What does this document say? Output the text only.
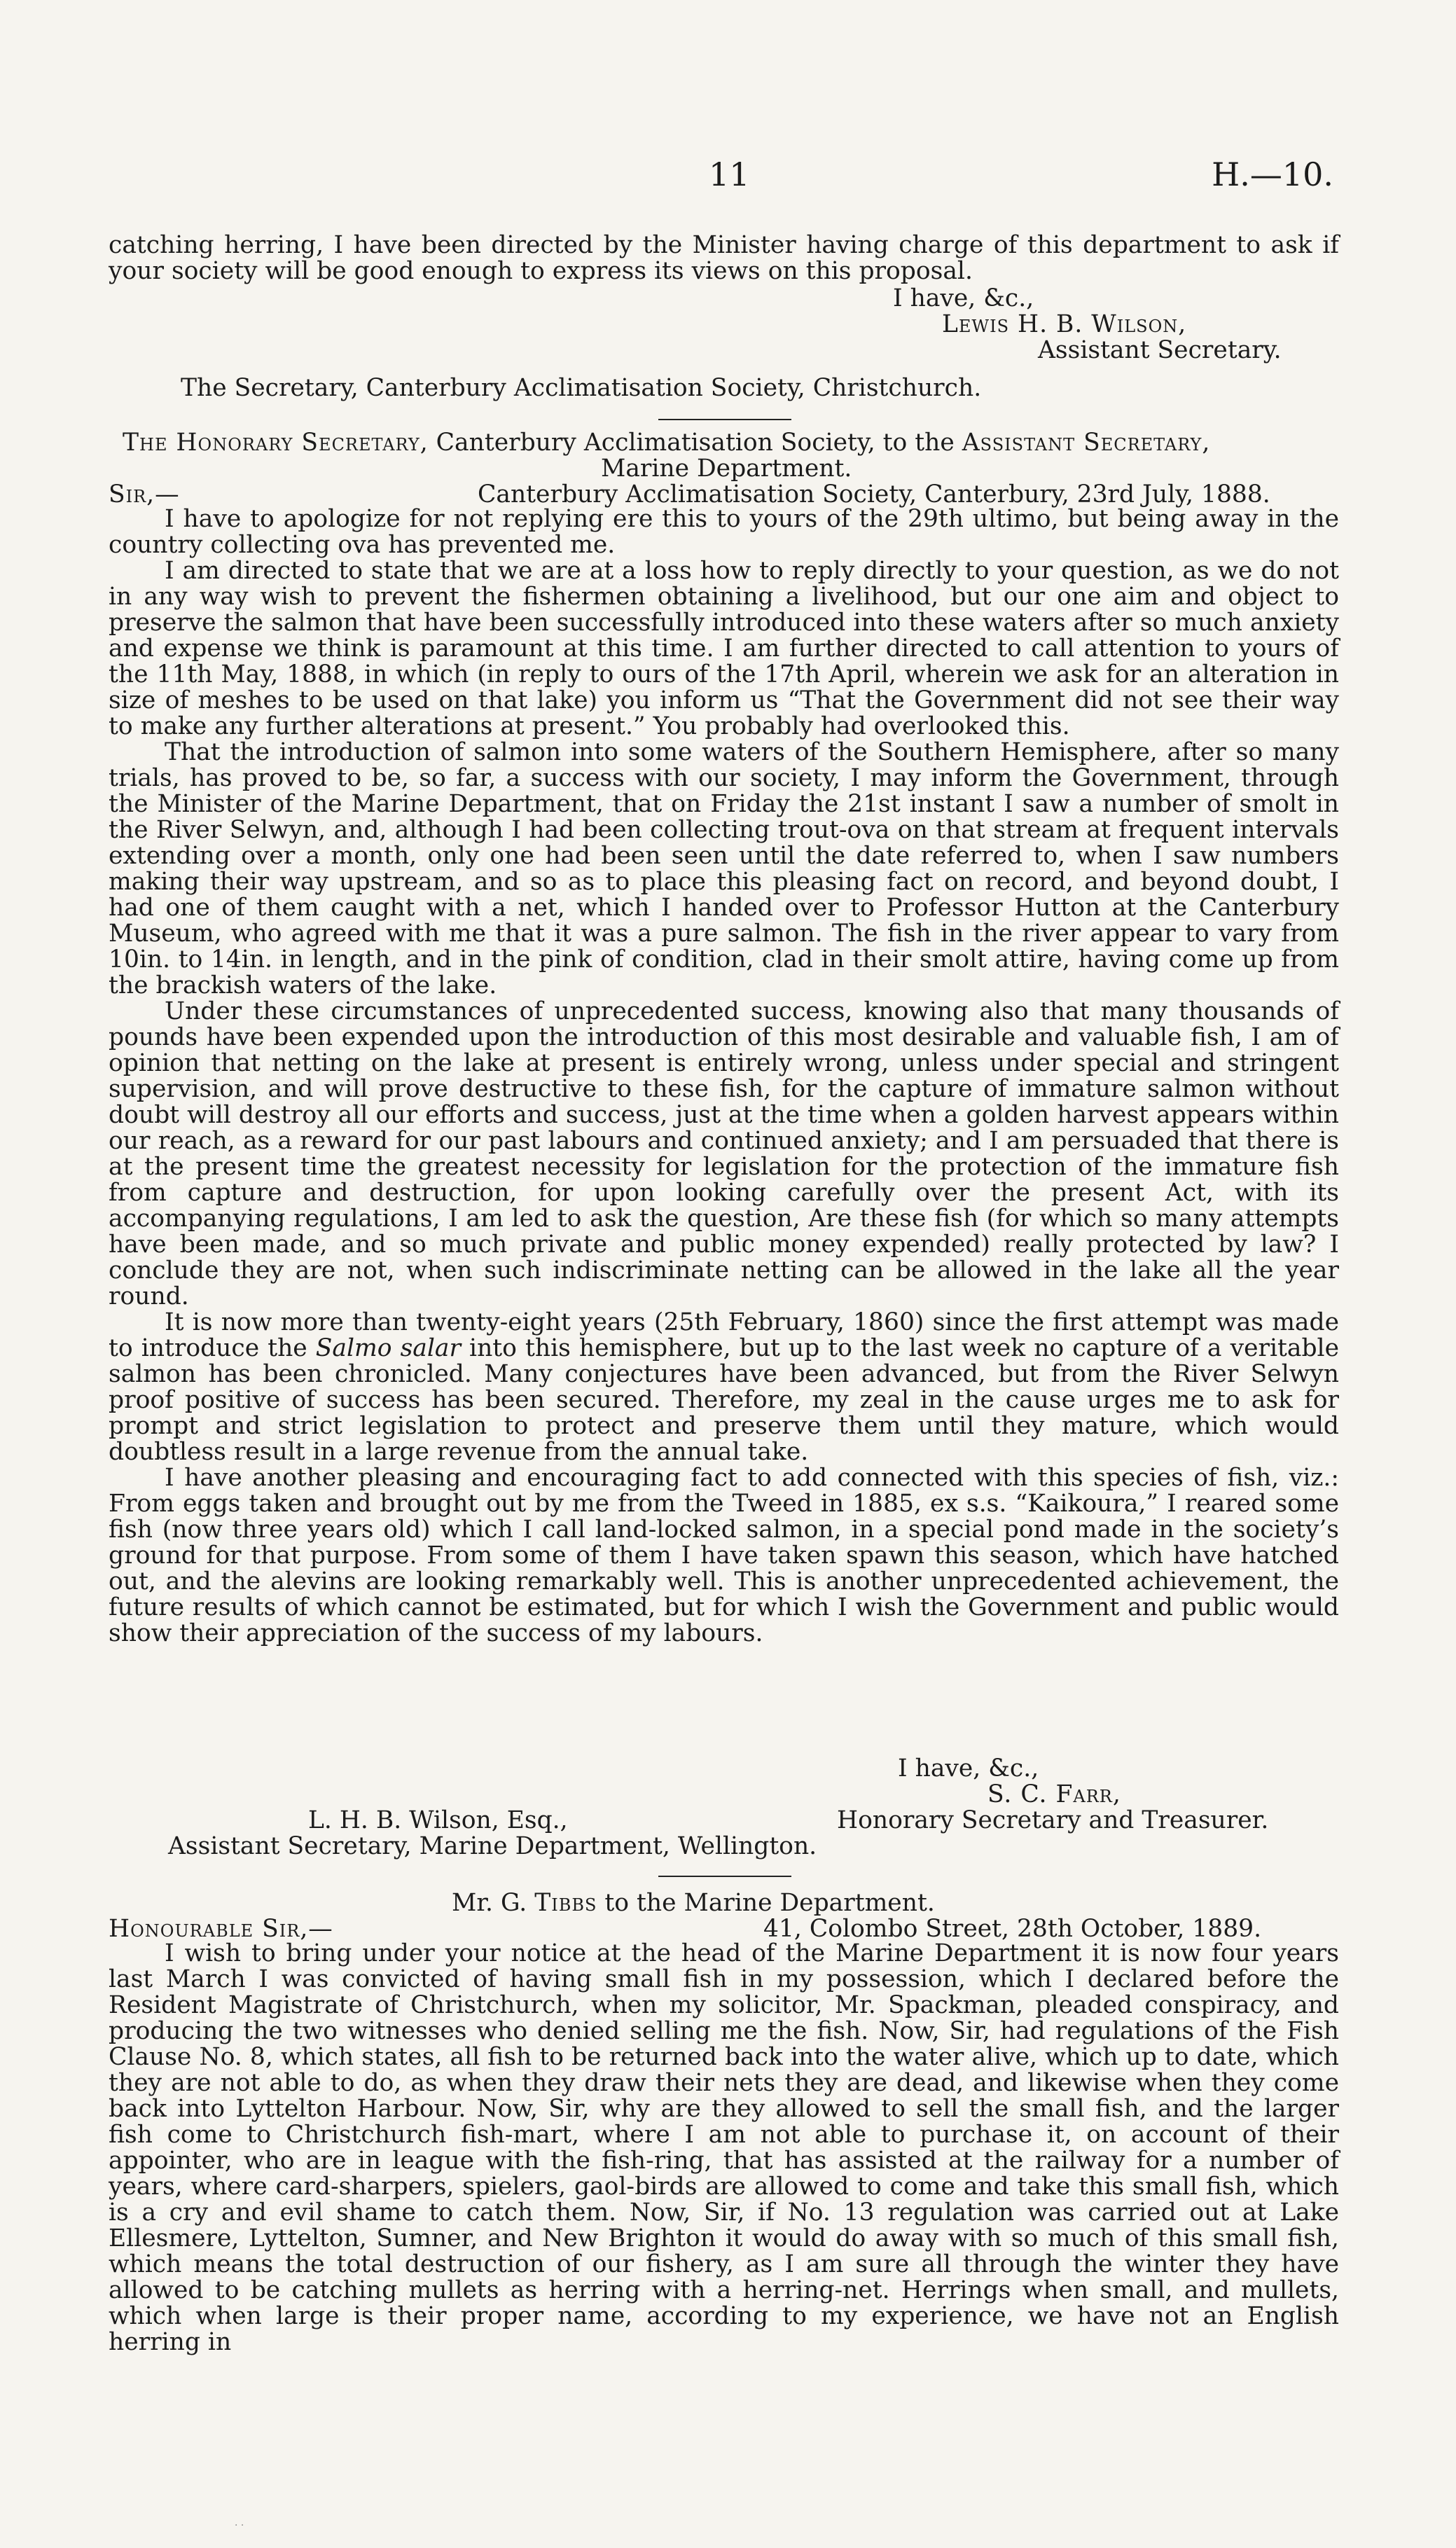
11	H.—10.

catching herring, I have been directed by the Minister having charge of this department to ask if your society will be good enough to express its views on this proposal.

I have, &c.,
Lewis H. B. Wilson,
Assistant Secretary.
The Secretary, Canterbury Acclimatisation Society, Christchurch.
The Honorary Secretary, Canterbury Acclimatisation Society, to the Assistant Secretary,
Marine Department.
Sir,—	Canterbury Acclimatisation Society, Canterbury, 23rd July, 1888.

I have to apologize for not replying ere this to yours of the 29th ultimo, but being away in the country collecting ova has prevented me.

I am directed to state that we are at a loss how to reply directly to your question, as we do not in any way wish to prevent the fishermen obtaining a livelihood, but our one aim and object to preserve the salmon that have been successfully introduced into these waters after so much anxiety and expense we think is paramount at this time. I am further directed to call attention to yours of the 11th May, 1888, in which (in reply to ours of the 17th April, wherein we ask for an alteration in size of meshes to be used on that lake) you inform us “That the Government did not see their way to make any further alterations at present.” You probably had overlooked this.

That the introduction of salmon into some waters of the Southern Hemisphere, after so many trials, has proved to be, so far, a success with our society, I may inform the Government, through the Minister of the Marine Department, that on Friday the 21st instant I saw a number of smolt in the River Selwyn, and, although I had been collecting trout-ova on that stream at frequent intervals extending over a month, only one had been seen until the date referred to, when I saw numbers making their way upstream, and so as to place this pleasing fact on record, and beyond doubt, I had one of them caught with a net, which I handed over to Professor Hutton at the Canterbury Museum, who agreed with me that it was a pure salmon. The fish in the river appear to vary from 10in. to 14in. in length, and in the pink of condition, clad in their smolt attire, having come up from the brackish waters of the lake.

Under these circumstances of unprecedented success, knowing also that many thousands of pounds have been expended upon the introduction of this most desirable and valuable fish, I am of opinion that netting on the lake at present is entirely wrong, unless under special and stringent supervision, and will prove destructive to these fish, for the capture of immature salmon without doubt will destroy all our efforts and success, just at the time when a golden harvest appears within our reach, as a reward for our past labours and continued anxiety; and I am persuaded that there is at the present time the greatest necessity for legislation for the protection of the immature fish from capture and destruction, for upon looking carefully over the present Act, with its accompanying regulations, I am led to ask the question, Are these fish (for which so many attempts have been made, and so much private and public money expended) really protected by law? I conclude they are not, when such indiscriminate netting can be allowed in the lake all the year round.

It is now more than twenty-eight years (25th February, 1860) since the first attempt was made to introduce the Salmo salar into this hemisphere, but up to the last week no capture of a veritable salmon has been chronicled. Many conjectures have been advanced, but from the River Selwyn proof positive of success has been secured. Therefore, my zeal in the cause urges me to ask for prompt and strict legislation to protect and preserve them until they mature, which would doubtless result in a large revenue from the annual take.

I have another pleasing and encouraging fact to add connected with this species of fish, viz.: From eggs taken and brought out by me from the Tweed in 1885, ex s.s. “Kaikoura,” I reared some fish (now three years old) which I call land-locked salmon, in a special pond made in the society’s ground for that purpose. From some of them I have taken spawn this season, which have hatched out, and the alevins are looking remarkably well. This is another unprecedented achievement, the future results of which cannot be estimated, but for which I wish the Government and public would show their appreciation of the success of my labours.

I have, &c.,
S. C. Farr,
L. H. B. Wilson, Esq.,	Honorary Secretary and Treasurer.
Assistant Secretary, Marine Department, Wellington.
Mr. G. Tibbs to the Marine Department.
Honourable Sir,—	41, Colombo Street, 28th October, 1889.

I wish to bring under your notice at the head of the Marine Department it is now four years last March I was convicted of having small fish in my possession, which I declared before the Resident Magistrate of Christchurch, when my solicitor, Mr. Spackman, pleaded conspiracy, and producing the two witnesses who denied selling me the fish. Now, Sir, had regulations of the Fish Clause No. 8, which states, all fish to be returned back into the water alive, which up to date, which they are not able to do, as when they draw their nets they are dead, and likewise when they come back into Lyttelton Harbour. Now, Sir, why are they allowed to sell the small fish, and the larger fish come to Christchurch fish-mart, where I am not able to purchase it, on account of their appointer, who are in league with the fish-ring, that has assisted at the railway for a number of years, where card-sharpers, spielers, gaol-birds are allowed to come and take this small fish, which is a cry and evil shame to catch them. Now, Sir, if No. 13 regulation was carried out at Lake Ellesmere, Lyttelton, Sumner, and New Brighton it would do away with so much of this small fish, which means the total destruction of our fishery, as I am sure all through the winter they have allowed to be catching mullets as herring with a herring-net. Herrings when small, and mullets, which when large is their proper name, according to my experience, we have not an English herring in

· ·
